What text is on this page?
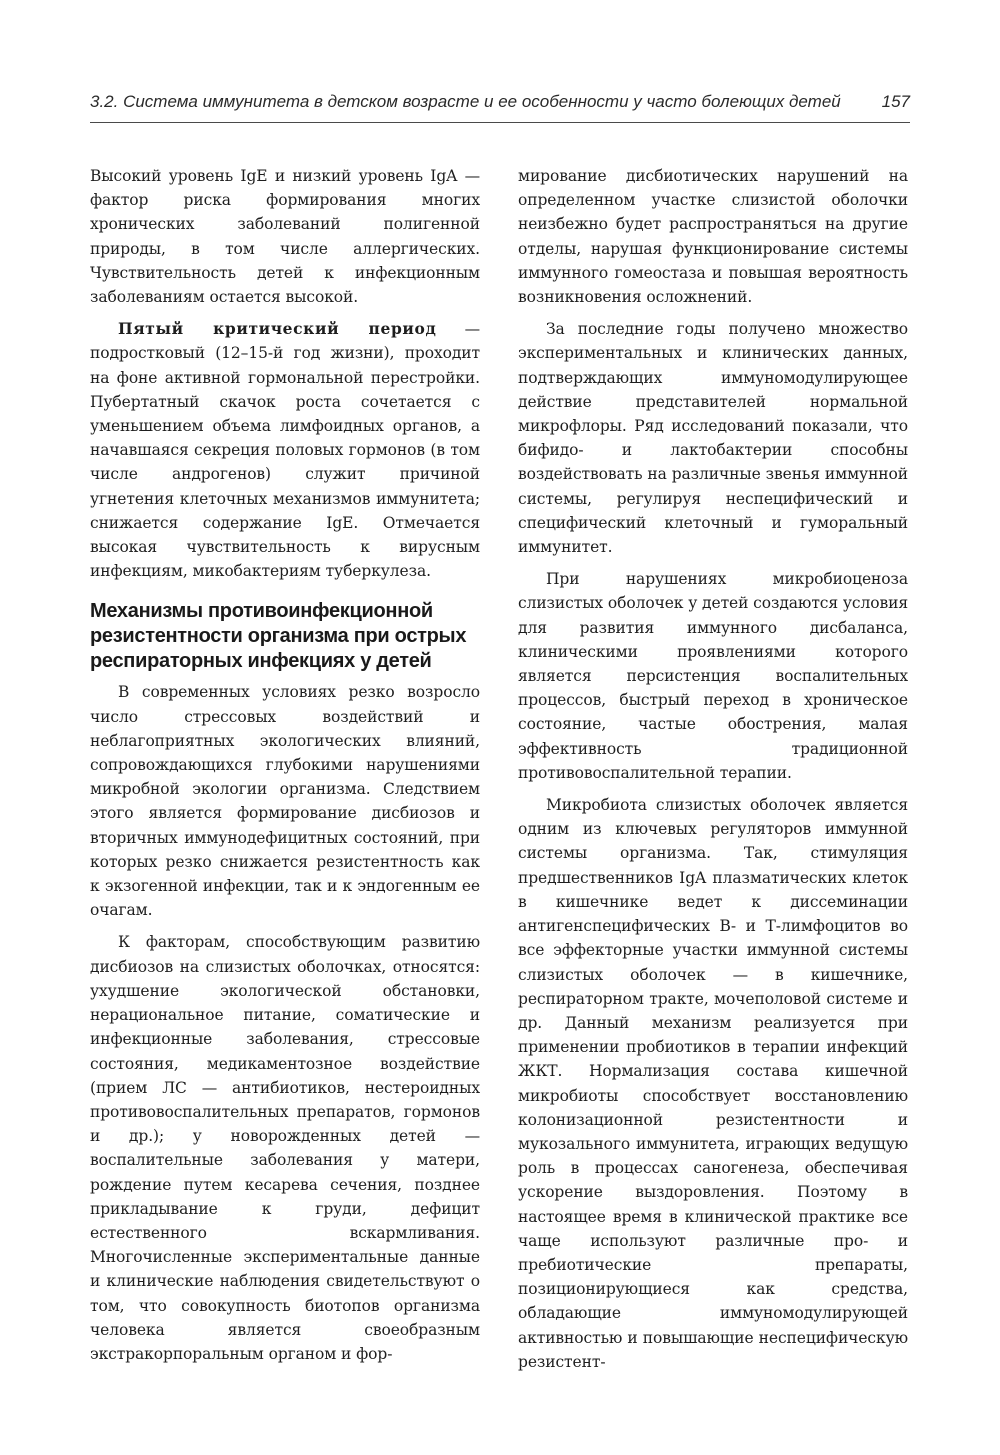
3.2. Система иммунитета в детском возрасте и ее особенности у часто болеющих детей 157

Высокий уровень IgE и низкий уровень IgA — фактор риска формирования многих хронических заболеваний полигенной природы, в том числе аллергических. Чувствительность детей к инфекционным заболеваниям остается высокой.

Пятый критический период — подростковый (12–15-й год жизни), проходит на фоне активной гормональной перестройки. Пубертатный скачок роста сочетается с уменьшением объема лимфоидных органов, а начавшаяся секреция половых гормонов (в том числе андрогенов) служит причиной угнетения клеточных механизмов иммунитета; снижается содержание IgE. Отмечается высокая чувствительность к вирусным инфекциям, микобактериям туберкулеза.

Механизмы противоинфекционной резистентности организма при острых респираторных инфекциях у детей

В современных условиях резко возросло число стрессовых воздействий и неблагоприятных экологических влияний, сопровождающихся глубокими нарушениями микробной экологии организма. Следствием этого является формирование дисбиозов и вторичных иммунодефицитных состояний, при которых резко снижается резистентность как к экзогенной инфекции, так и к эндогенным ее очагам.

К факторам, способствующим развитию дисбиозов на слизистых оболочках, относятся: ухудшение экологической обстановки, нерациональное питание, соматические и инфекционные заболевания, стрессовые состояния, медикаментозное воздействие (прием ЛС — антибиотиков, нестероидных противовоспалительных препаратов, гормонов и др.); у новорожденных детей — воспалительные заболевания у матери, рождение путем кесарева сечения, позднее прикладывание к груди, дефицит естественного вскармливания. Многочисленные экспериментальные данные и клинические наблюдения свидетельствуют о том, что совокупность биотопов организма человека является своеобразным экстракорпоральным органом и фор-

мирование дисбиотических нарушений на определенном участке слизистой оболочки неизбежно будет распространяться на другие отделы, нарушая функционирование системы иммунного гомеостаза и повышая вероятность возникновения осложнений.

За последние годы получено множество экспериментальных и клинических данных, подтверждающих иммуномодулирующее действие представителей нормальной микрофлоры. Ряд исследований показали, что бифидо- и лактобактерии способны воздействовать на различные звенья иммунной системы, регулируя неспецифический и специфический клеточный и гуморальный иммунитет.

При нарушениях микробиоценоза слизистых оболочек у детей создаются условия для развития иммунного дисбаланса, клиническими проявлениями которого является персистенция воспалительных процессов, быстрый переход в хроническое состояние, частые обострения, малая эффективность традиционной противовоспалительной терапии.

Микробиота слизистых оболочек является одним из ключевых регуляторов иммунной системы организма. Так, стимуляция предшественников IgA плазматических клеток в кишечнике ведет к диссеминации антигенспецифических В- и Т-лимфоцитов во все эффекторные участки иммунной системы слизистых оболочек — в кишечнике, респираторном тракте, мочеполовой системе и др. Данный механизм реализуется при применении пробиотиков в терапии инфекций ЖКТ. Нормализация состава кишечной микробиоты способствует восстановлению колонизационной резистентности и мукозального иммунитета, играющих ведущую роль в процессах саногенеза, обеспечивая ускорение выздоровления. Поэтому в настоящее время в клинической практике все чаще используют различные про- и пребиотические препараты, позиционирующиеся как средства, обладающие иммуномодулирующей активностью и повышающие неспецифическую резистент-
